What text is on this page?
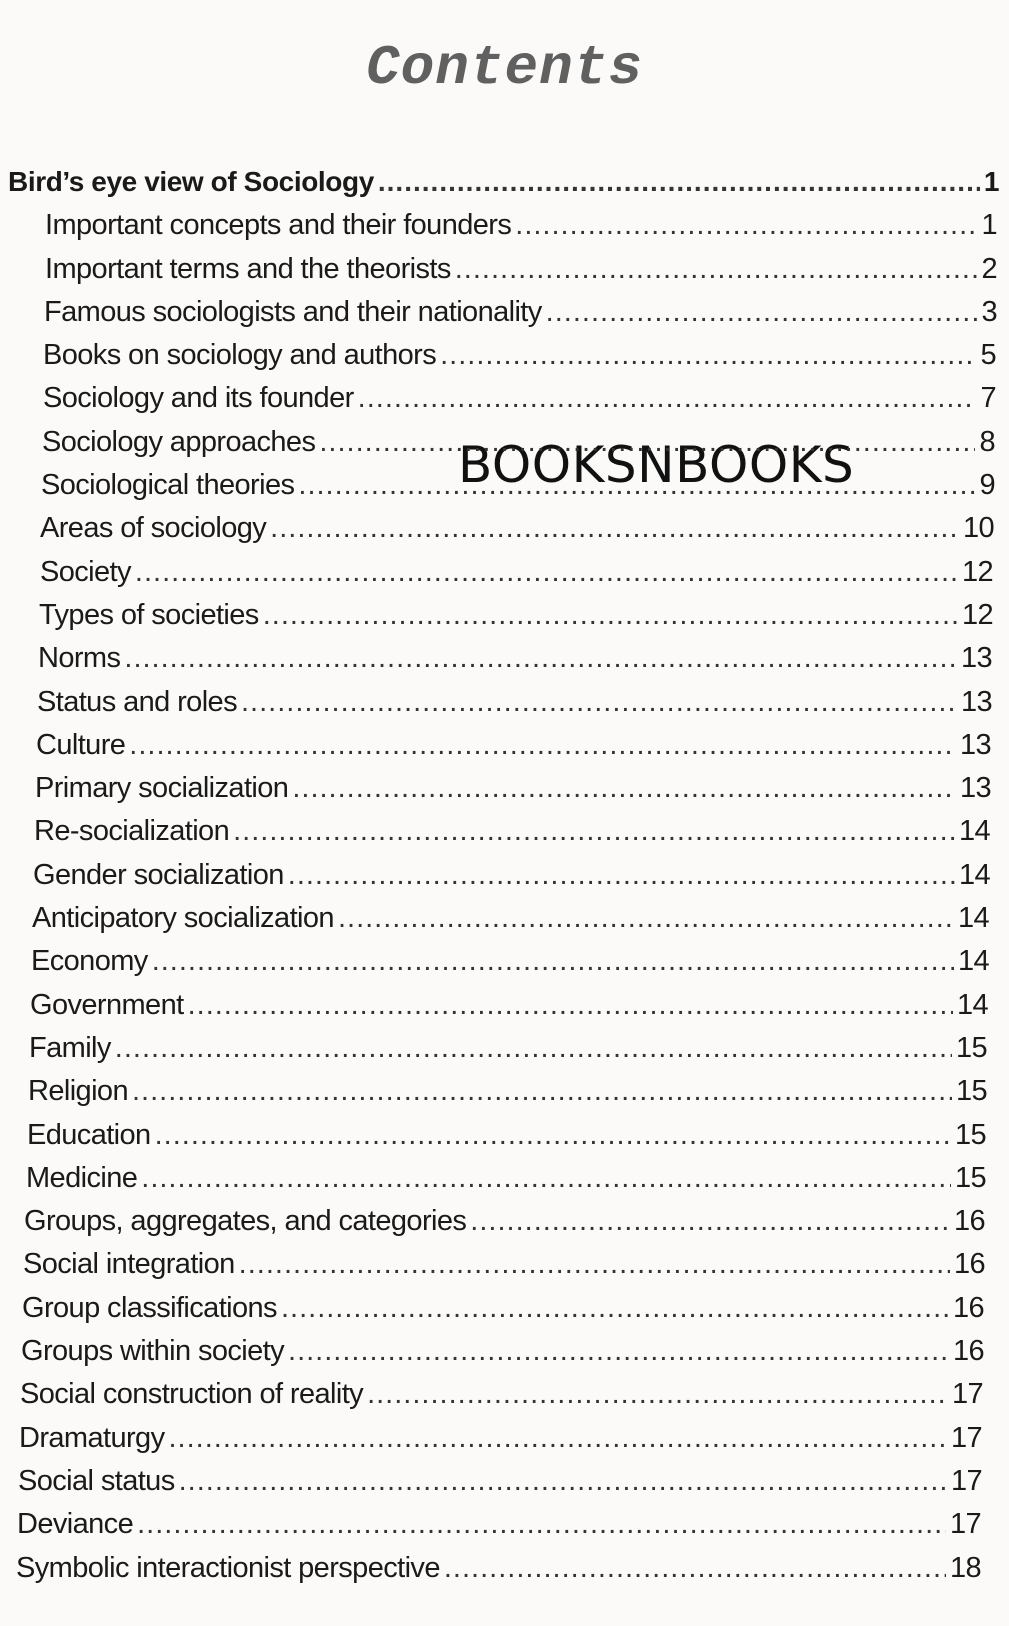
Contents
BOOKSNBOOKS
Bird’s eye view of Sociology .....	1
Important concepts and their founders .....	1
Important terms and the theorists .....	2
Famous sociologists and their nationality .....	3
Books on sociology and authors .....	5
Sociology and its founder .....	7
Sociology approaches .....	8
Sociological theories .....	9
Areas of sociology .....	10
Society .....	12
Types of societies .....	12
Norms .....	13
Status and roles .....	13
Culture .....	13
Primary socialization .....	13
Re-socialization .....	14
Gender socialization .....	14
Anticipatory socialization .....	14
Economy .....	14
Government .....	14
Family .....	15
Religion .....	15
Education .....	15
Medicine .....	15
Groups, aggregates, and categories .....	16
Social integration .....	16
Group classifications .....	16
Groups within society .....	16
Social construction of reality .....	17
Dramaturgy .....	17
Social status .....	17
Deviance .....	17
Symbolic interactionist perspective .....	18
